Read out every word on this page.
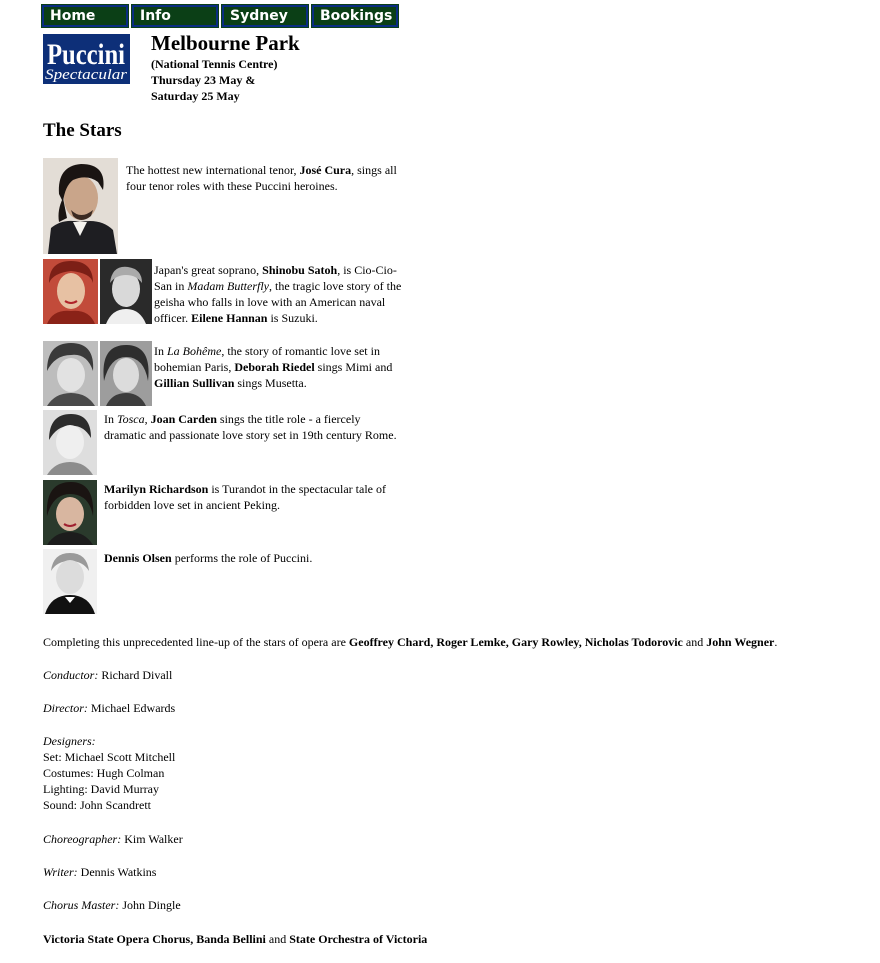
Home	Info	Sydney	Bookings
Puccini
Spectacular
Melbourne Park
(National Tennis Centre)
Thursday 23 May &
Saturday 25 May
The Stars

The hottest new international tenor, José Cura, sings all four tenor roles with these Puccini heroines.

Japan's great soprano, Shinobu Satoh, is Cio-Cio-San in Madam Butterfly, the tragic love story of the geisha who falls in love with an American naval officer. Eilene Hannan is Suzuki.

In La Bohême, the story of romantic love set in bohemian Paris, Deborah Riedel sings Mimi and Gillian Sullivan sings Musetta.

In Tosca, Joan Carden sings the title role - a fiercely dramatic and passionate love story set in 19th century Rome.

Marilyn Richardson is Turandot in the spectacular tale of forbidden love set in ancient Peking.

Dennis Olsen performs the role of Puccini.

Completing this unprecedented line-up of the stars of opera are Geoffrey Chard, Roger Lemke, Gary Rowley, Nicholas Todorovic and John Wegner.

Conductor: Richard Divall

Director: Michael Edwards

Designers:
Set: Michael Scott Mitchell
Costumes: Hugh Colman
Lighting: David Murray
Sound: John Scandrett

Choreographer: Kim Walker

Writer: Dennis Watkins

Chorus Master: John Dingle

Victoria State Opera Chorus, Banda Bellini and State Orchestra of Victoria
